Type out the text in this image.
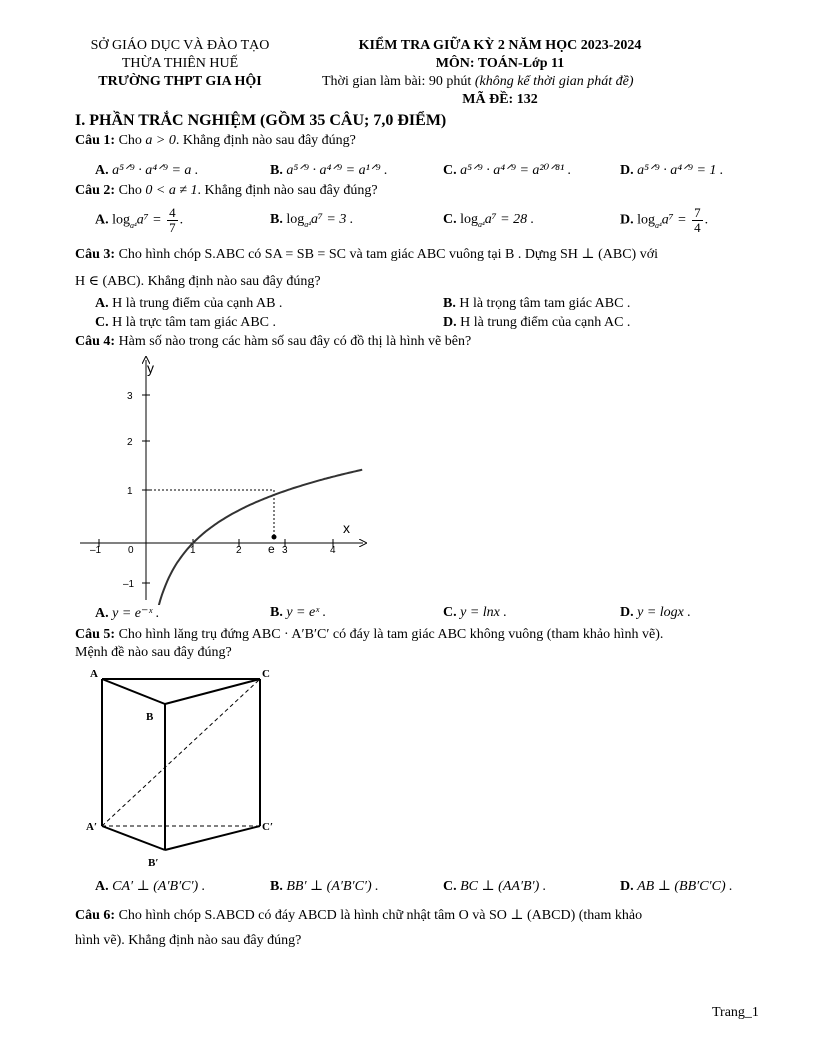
SỞ GIÁO DỤC VÀ ĐÀO TẠO
THỪA THIÊN HUẾ
TRƯỜNG THPT GIA HỘI
KIỂM TRA GIỮA KỲ 2 NĂM HỌC 2023-2024
MÔN: TOÁN-Lớp 11
Thời gian làm bài: 90 phút (không kể thời gian phát đề)
MÃ ĐỀ: 132
I. PHẦN TRẮC NGHIỆM (GỒM 35 CÂU; 7,0 ĐIỂM)
Câu 1: Cho a > 0. Khẳng định nào sau đây đúng?
A. a⁵ᐟ⁹ · a⁴ᐟ⁹ = a .	B. a⁵ᐟ⁹ · a⁴ᐟ⁹ = a¹ᐟ⁹ .	C. a⁵ᐟ⁹ · a⁴ᐟ⁹ = a²⁰ᐟ⁸¹ .	D. a⁵ᐟ⁹ · a⁴ᐟ⁹ = 1 .
Câu 2: Cho 0 < a ≠ 1. Khẳng định nào sau đây đúng?
A. $\log_{a^4}a^7 = \frac{4}{7}$ .	B. $\log_{a^4}a^7 = 3$ .	C. $\log_{a^4}a^7 = 28$ .	D. $\log_{a^4}a^7 = \frac{7}{4}$ .
Câu 3: Cho hình chóp S.ABC có SA = SB = SC và tam giác ABC vuông tại B . Dựng SH ⊥ (ABC) với
H ∈ (ABC). Khẳng định nào sau đây đúng?
A. H là trung điểm của cạnh AB .	B. H là trọng tâm tam giác ABC .
C. H là trực tâm tam giác ABC .	D. H là trung điểm của cạnh AC .
Câu 4: Hàm số nào trong các hàm số sau đây có đồ thị là hình vẽ bên?
y
x
3
2
1
–1
–1	0	1	2 e 3	4
A. y = e⁻ˣ .	B. y = eˣ .	C. y = lnx .	D. y = logx .
Câu 5: Cho hình lăng trụ đứng ABC · A′B′C′ có đáy là tam giác ABC không vuông (tham khảo hình vẽ).
Mệnh đề nào sau đây đúng?
A
B
C
A′	C′
B′
A. CA′ ⊥ (A′B′C′) .	B. BB′ ⊥ (A′B′C′) .	C. BC ⊥ (AA′B′) .	D. AB ⊥ (BB′C′C) .
Câu 6: Cho hình chóp S.ABCD có đáy ABCD là hình chữ nhật tâm O và SO ⊥ (ABCD) (tham khảo
hình vẽ). Khẳng định nào sau đây đúng?
Trang_1
